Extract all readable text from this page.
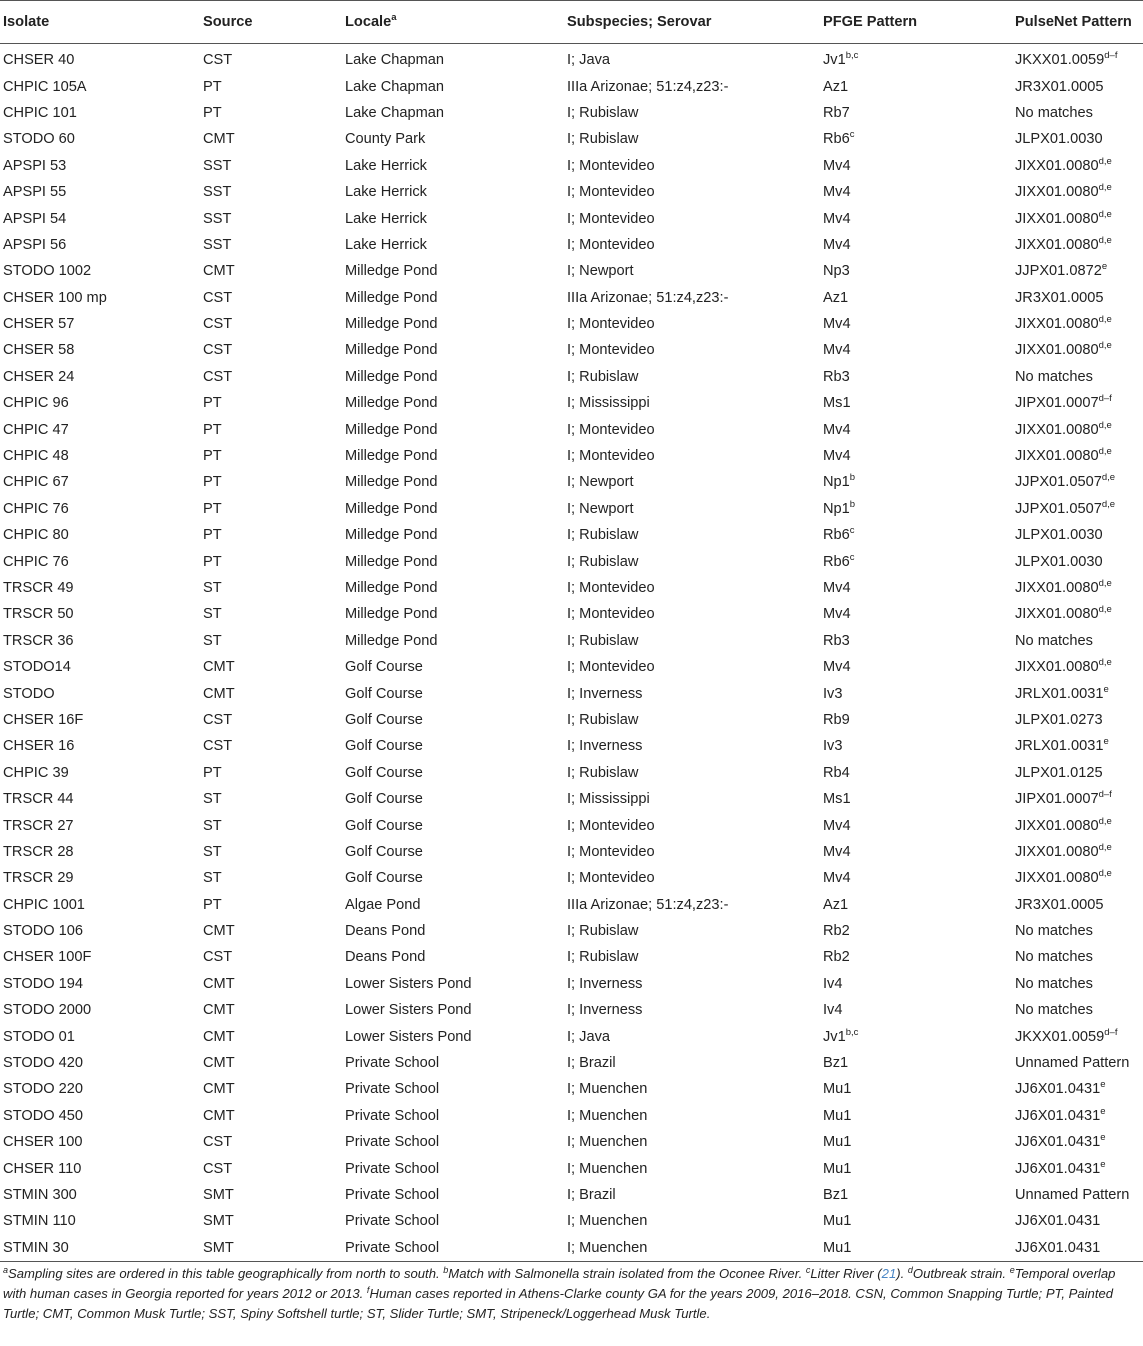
Isolate	Source	Locale$^a$	Subspecies; Serovar	PFGE Pattern	PulseNet Pattern
CHSER 40	CST	Lake Chapman	I; Java	Jv1$^{b,c}$	JKXX01.0059$^{d-f}$
CHPIC 105A	PT	Lake Chapman	IIIa Arizonae; 51:z4,z23:-	Az1	JR3X01.0005
CHPIC 101	PT	Lake Chapman	I; Rubislaw	Rb7	No matches
STODO 60	CMT	County Park	I; Rubislaw	Rb6$^c$	JLPX01.0030
APSPI 53	SST	Lake Herrick	I; Montevideo	Mv4	JIXX01.0080$^{d,e}$
APSPI 55	SST	Lake Herrick	I; Montevideo	Mv4	JIXX01.0080$^{d,e}$
APSPI 54	SST	Lake Herrick	I; Montevideo	Mv4	JIXX01.0080$^{d,e}$
APSPI 56	SST	Lake Herrick	I; Montevideo	Mv4	JIXX01.0080$^{d,e}$
STODO 1002	CMT	Milledge Pond	I; Newport	Np3	JJPX01.0872e
CHSER 100 mp	CST	Milledge Pond	IIIa Arizonae; 51:z4,z23:-	Az1	JR3X01.0005
CHSER 57	CST	Milledge Pond	I; Montevideo	Mv4	JIXX01.0080$^{d,e}$
CHSER 58	CST	Milledge Pond	I; Montevideo	Mv4	JIXX01.0080$^{d,e}$
CHSER 24	CST	Milledge Pond	I; Rubislaw	Rb3	No matches
CHPIC 96	PT	Milledge Pond	I; Mississippi	Ms1	JIPX01.0007$^{d-f}$
CHPIC 47	PT	Milledge Pond	I; Montevideo	Mv4	JIXX01.0080$^{d,e}$
CHPIC 48	PT	Milledge Pond	I; Montevideo	Mv4	JIXX01.0080$^{d,e}$
CHPIC 67	PT	Milledge Pond	I; Newport	Np1$^b$	JJPX01.0507$^{d,e}$
CHPIC 76	PT	Milledge Pond	I; Newport	Np1$^b$	JJPX01.0507$^{d,e}$
CHPIC 80	PT	Milledge Pond	I; Rubislaw	Rb6$^c$	JLPX01.0030
CHPIC 76	PT	Milledge Pond	I; Rubislaw	Rb6$^c$	JLPX01.0030
TRSCR 49	ST	Milledge Pond	I; Montevideo	Mv4	JIXX01.0080$^{d,e}$
TRSCR 50	ST	Milledge Pond	I; Montevideo	Mv4	JIXX01.0080$^{d,e}$
TRSCR 36	ST	Milledge Pond	I; Rubislaw	Rb3	No matches
STODO14	CMT	Golf Course	I; Montevideo	Mv4	JIXX01.0080$^{d,e}$
STODO	CMT	Golf Course	I; Inverness	Iv3	JRLX01.0031e
CHSER 16F	CST	Golf Course	I; Rubislaw	Rb9	JLPX01.0273
CHSER 16	CST	Golf Course	I; Inverness	Iv3	JRLX01.0031e
CHPIC 39	PT	Golf Course	I; Rubislaw	Rb4	JLPX01.0125
TRSCR 44	ST	Golf Course	I; Mississippi	Ms1	JIPX01.0007$^{d-f}$
TRSCR 27	ST	Golf Course	I; Montevideo	Mv4	JIXX01.0080$^{d,e}$
TRSCR 28	ST	Golf Course	I; Montevideo	Mv4	JIXX01.0080$^{d,e}$
TRSCR 29	ST	Golf Course	I; Montevideo	Mv4	JIXX01.0080$^{d,e}$
CHPIC 1001	PT	Algae Pond	IIIa Arizonae; 51:z4,z23:-	Az1	JR3X01.0005
STODO 106	CMT	Deans Pond	I; Rubislaw	Rb2	No matches
CHSER 100F	CST	Deans Pond	I; Rubislaw	Rb2	No matches
STODO 194	CMT	Lower Sisters Pond	I; Inverness	Iv4	No matches
STODO 2000	CMT	Lower Sisters Pond	I; Inverness	Iv4	No matches
STODO 01	CMT	Lower Sisters Pond	I; Java	Jv1$^{b,c}$	JKXX01.0059$^{d-f}$
STODO 420	CMT	Private School	I; Brazil	Bz1	Unnamed Pattern
STODO 220	CMT	Private School	I; Muenchen	Mu1	JJ6X01.0431e
STODO 450	CMT	Private School	I; Muenchen	Mu1	JJ6X01.0431e
CHSER 100	CST	Private School	I; Muenchen	Mu1	JJ6X01.0431e
CHSER 110	CST	Private School	I; Muenchen	Mu1	JJ6X01.0431e
STMIN 300	SMT	Private School	I; Brazil	Bz1	Unnamed Pattern
STMIN 110	SMT	Private School	I; Muenchen	Mu1	JJ6X01.0431
STMIN 30	SMT	Private School	I; Muenchen	Mu1	JJ6X01.0431
$^a$Sampling sites are ordered in this table geographically from north to south. $^b$Match with Salmonella strain isolated from the Oconee River. $^c$Litter River (21). $^d$Outbreak strain. $^e$Temporal overlap with human cases in Georgia reported for years 2012 or 2013. $^f$Human cases reported in Athens-Clarke county GA for the years 2009, 2016–2018. CSN, Common Snapping Turtle; PT, Painted Turtle; CMT, Common Musk Turtle; SST, Spiny Softshell turtle; ST, Slider Turtle; SMT, Stripeneck/Loggerhead Musk Turtle.
